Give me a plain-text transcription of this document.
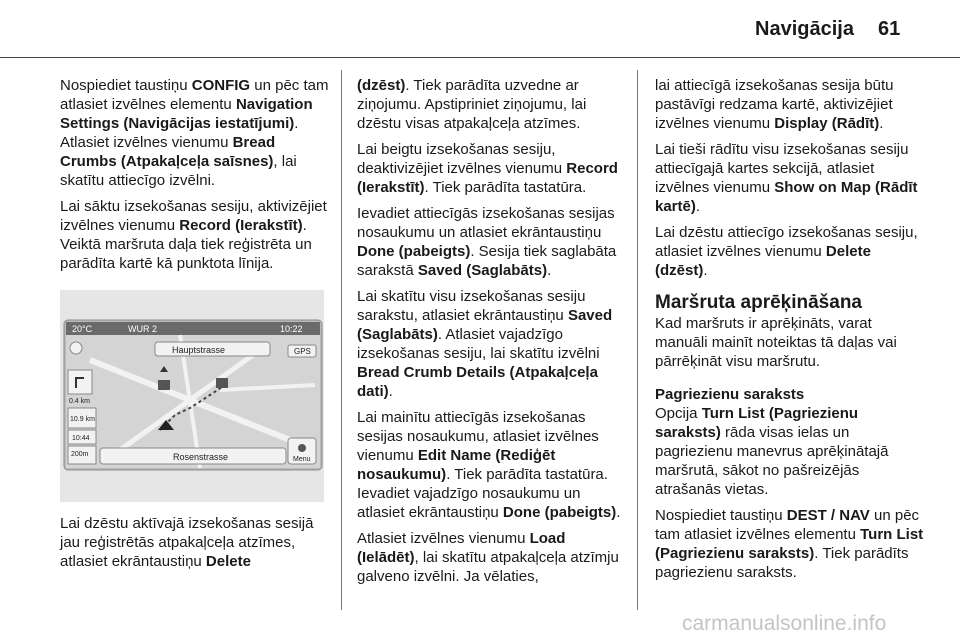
Navigācija 61

Nospiediet taustiņu CONFIG un pēc tam atlasiet izvēlnes elementu Navigation Settings (Navigācijas iestatījumi). Atlasiet izvēlnes vienumu Bread Crumbs (Atpakaļceļa saīsnes), lai skatītu attiecīgo izvēlni.

Lai sāktu izsekošanas sesiju, aktivizējiet izvēlnes vienumu Record (Ierakstīt). Veiktā maršruta daļa tiek reģistrēta un parādīta kartē kā punktota līnija.

20°C	WUR 2	10:22
Hauptstrasse	GPS
0.4 km
10.9 km
10:44
200m	Rosenstrasse	Menu

Lai dzēstu aktīvajā izsekošanas sesijā jau reģistrētās atpakaļceļa atzīmes, atlasiet ekrāntaustiņu Delete

(dzēst). Tiek parādīta uzvedne ar ziņojumu. Apstipriniet ziņojumu, lai dzēstu visas atpakaļceļa atzīmes.

Lai beigtu izsekošanas sesiju, deaktivizējiet izvēlnes vienumu Record (Ierakstīt). Tiek parādīta tastatūra.

Ievadiet attiecīgās izsekošanas sesijas nosaukumu un atlasiet ekrāntaustiņu Done (pabeigts). Sesija tiek saglabāta sarakstā Saved (Saglabāts).

Lai skatītu visu izsekošanas sesiju sarakstu, atlasiet ekrāntaustiņu Saved (Saglabāts). Atlasiet vajadzīgo izsekošanas sesiju, lai skatītu izvēlni Bread Crumb Details (Atpakaļceļa dati).

Lai mainītu attiecīgās izsekošanas sesijas nosaukumu, atlasiet izvēlnes vienumu Edit Name (Rediģēt nosaukumu). Tiek parādīta tastatūra. Ievadiet vajadzīgo nosaukumu un atlasiet ekrāntaustiņu Done (pabeigts).

Atlasiet izvēlnes vienumu Load (Ielādēt), lai skatītu atpakaļceļa atzīmju galveno izvēlni. Ja vēlaties,

lai attiecīgā izsekošanas sesija būtu pastāvīgi redzama kartē, aktivizējiet izvēlnes vienumu Display (Rādīt).

Lai tieši rādītu visu izsekošanas sesiju attiecīgajā kartes sekcijā, atlasiet izvēlnes vienumu Show on Map (Rādīt kartē).

Lai dzēstu attiecīgo izsekošanas sesiju, atlasiet izvēlnes vienumu Delete (dzēst).

Maršruta aprēķināšana

Kad maršruts ir aprēķināts, varat manuāli mainīt noteiktas tā daļas vai pārrēķināt visu maršrutu.

Pagriezienu saraksts

Opcija Turn List (Pagriezienu saraksts) rāda visas ielas un pagriezienu manevrus aprēķinātajā maršrutā, sākot no pašreizējās atrašanās vietas.

Nospiediet taustiņu DEST / NAV un pēc tam atlasiet izvēlnes elementu Turn List (Pagriezienu saraksts). Tiek parādīts pagriezienu saraksts.

carmanualsonline.info
